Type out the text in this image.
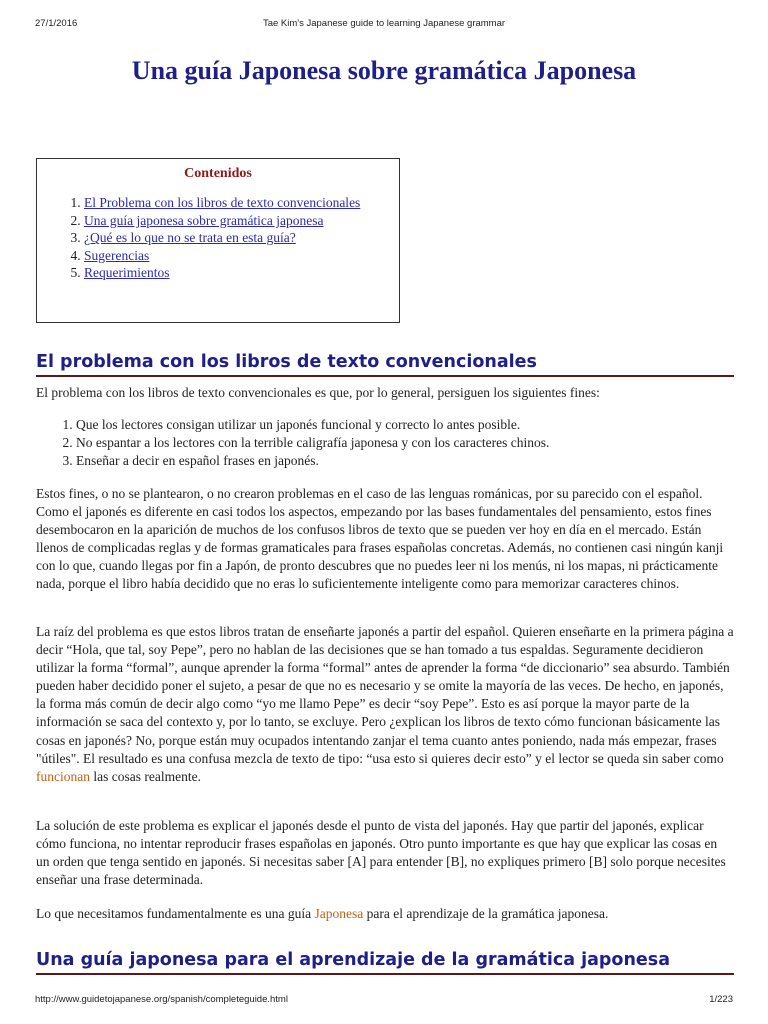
27/1/2016	Tae Kim's Japanese guide to learning Japanese grammar
Una guía Japonesa sobre gramática Japonesa
Contenidos
1. El Problema con los libros de texto convencionales
2. Una guía japonesa sobre gramática japonesa
3. ¿Qué es lo que no se trata en esta guía?
4. Sugerencias
5. Requerimientos
El problema con los libros de texto convencionales

El problema con los libros de texto convencionales es que, por lo general, persiguen los siguientes fines:

1. Que los lectores consigan utilizar un japonés funcional y correcto lo antes posible.
2. No espantar a los lectores con la terrible caligrafía japonesa y con los caracteres chinos.
3. Enseñar a decir en español frases en japonés.

Estos fines, o no se plantearon, o no crearon problemas en el caso de las lenguas románicas, por su parecido con el español. Como el japonés es diferente en casi todos los aspectos, empezando por las bases fundamentales del pensamiento, estos fines desembocaron en la aparición de muchos de los confusos libros de texto que se pueden ver hoy en día en el mercado. Están llenos de complicadas reglas y de formas gramaticales para frases españolas concretas. Además, no contienen casi ningún kanji con lo que, cuando llegas por fin a Japón, de pronto descubres que no puedes leer ni los menús, ni los mapas, ni prácticamente nada, porque el libro había decidido que no eras lo suficientemente inteligente como para memorizar caracteres chinos.

La raíz del problema es que estos libros tratan de enseñarte japonés a partir del español. Quieren enseñarte en la primera página a decir “Hola, que tal, soy Pepe”, pero no hablan de las decisiones que se han tomado a tus espaldas. Seguramente decidieron utilizar la forma “formal”, aunque aprender la forma “formal” antes de aprender la forma “de diccionario” sea absurdo. También pueden haber decidido poner el sujeto, a pesar de que no es necesario y se omite la mayoría de las veces. De hecho, en japonés, la forma más común de decir algo como “yo me llamo Pepe” es decir “soy Pepe”. Esto es así porque la mayor parte de la información se saca del contexto y, por lo tanto, se excluye. Pero ¿explican los libros de texto cómo funcionan básicamente las cosas en japonés? No, porque están muy ocupados intentando zanjar el tema cuanto antes poniendo, nada más empezar, frases "útiles". El resultado es una confusa mezcla de texto de tipo: “usa esto si quieres decir esto” y el lector se queda sin saber como funcionan las cosas realmente.

La solución de este problema es explicar el japonés desde el punto de vista del japonés. Hay que partir del japonés, explicar cómo funciona, no intentar reproducir frases españolas en japonés. Otro punto importante es que hay que explicar las cosas en un orden que tenga sentido en japonés. Si necesitas saber [A] para entender [B], no expliques primero [B] solo porque necesites enseñar una frase determinada.

Lo que necesitamos fundamentalmente es una guía Japonesa para el aprendizaje de la gramática japonesa.

Una guía japonesa para el aprendizaje de la gramática japonesa
http://www.guidetojapanese.org/spanish/completeguide.html	1/223
